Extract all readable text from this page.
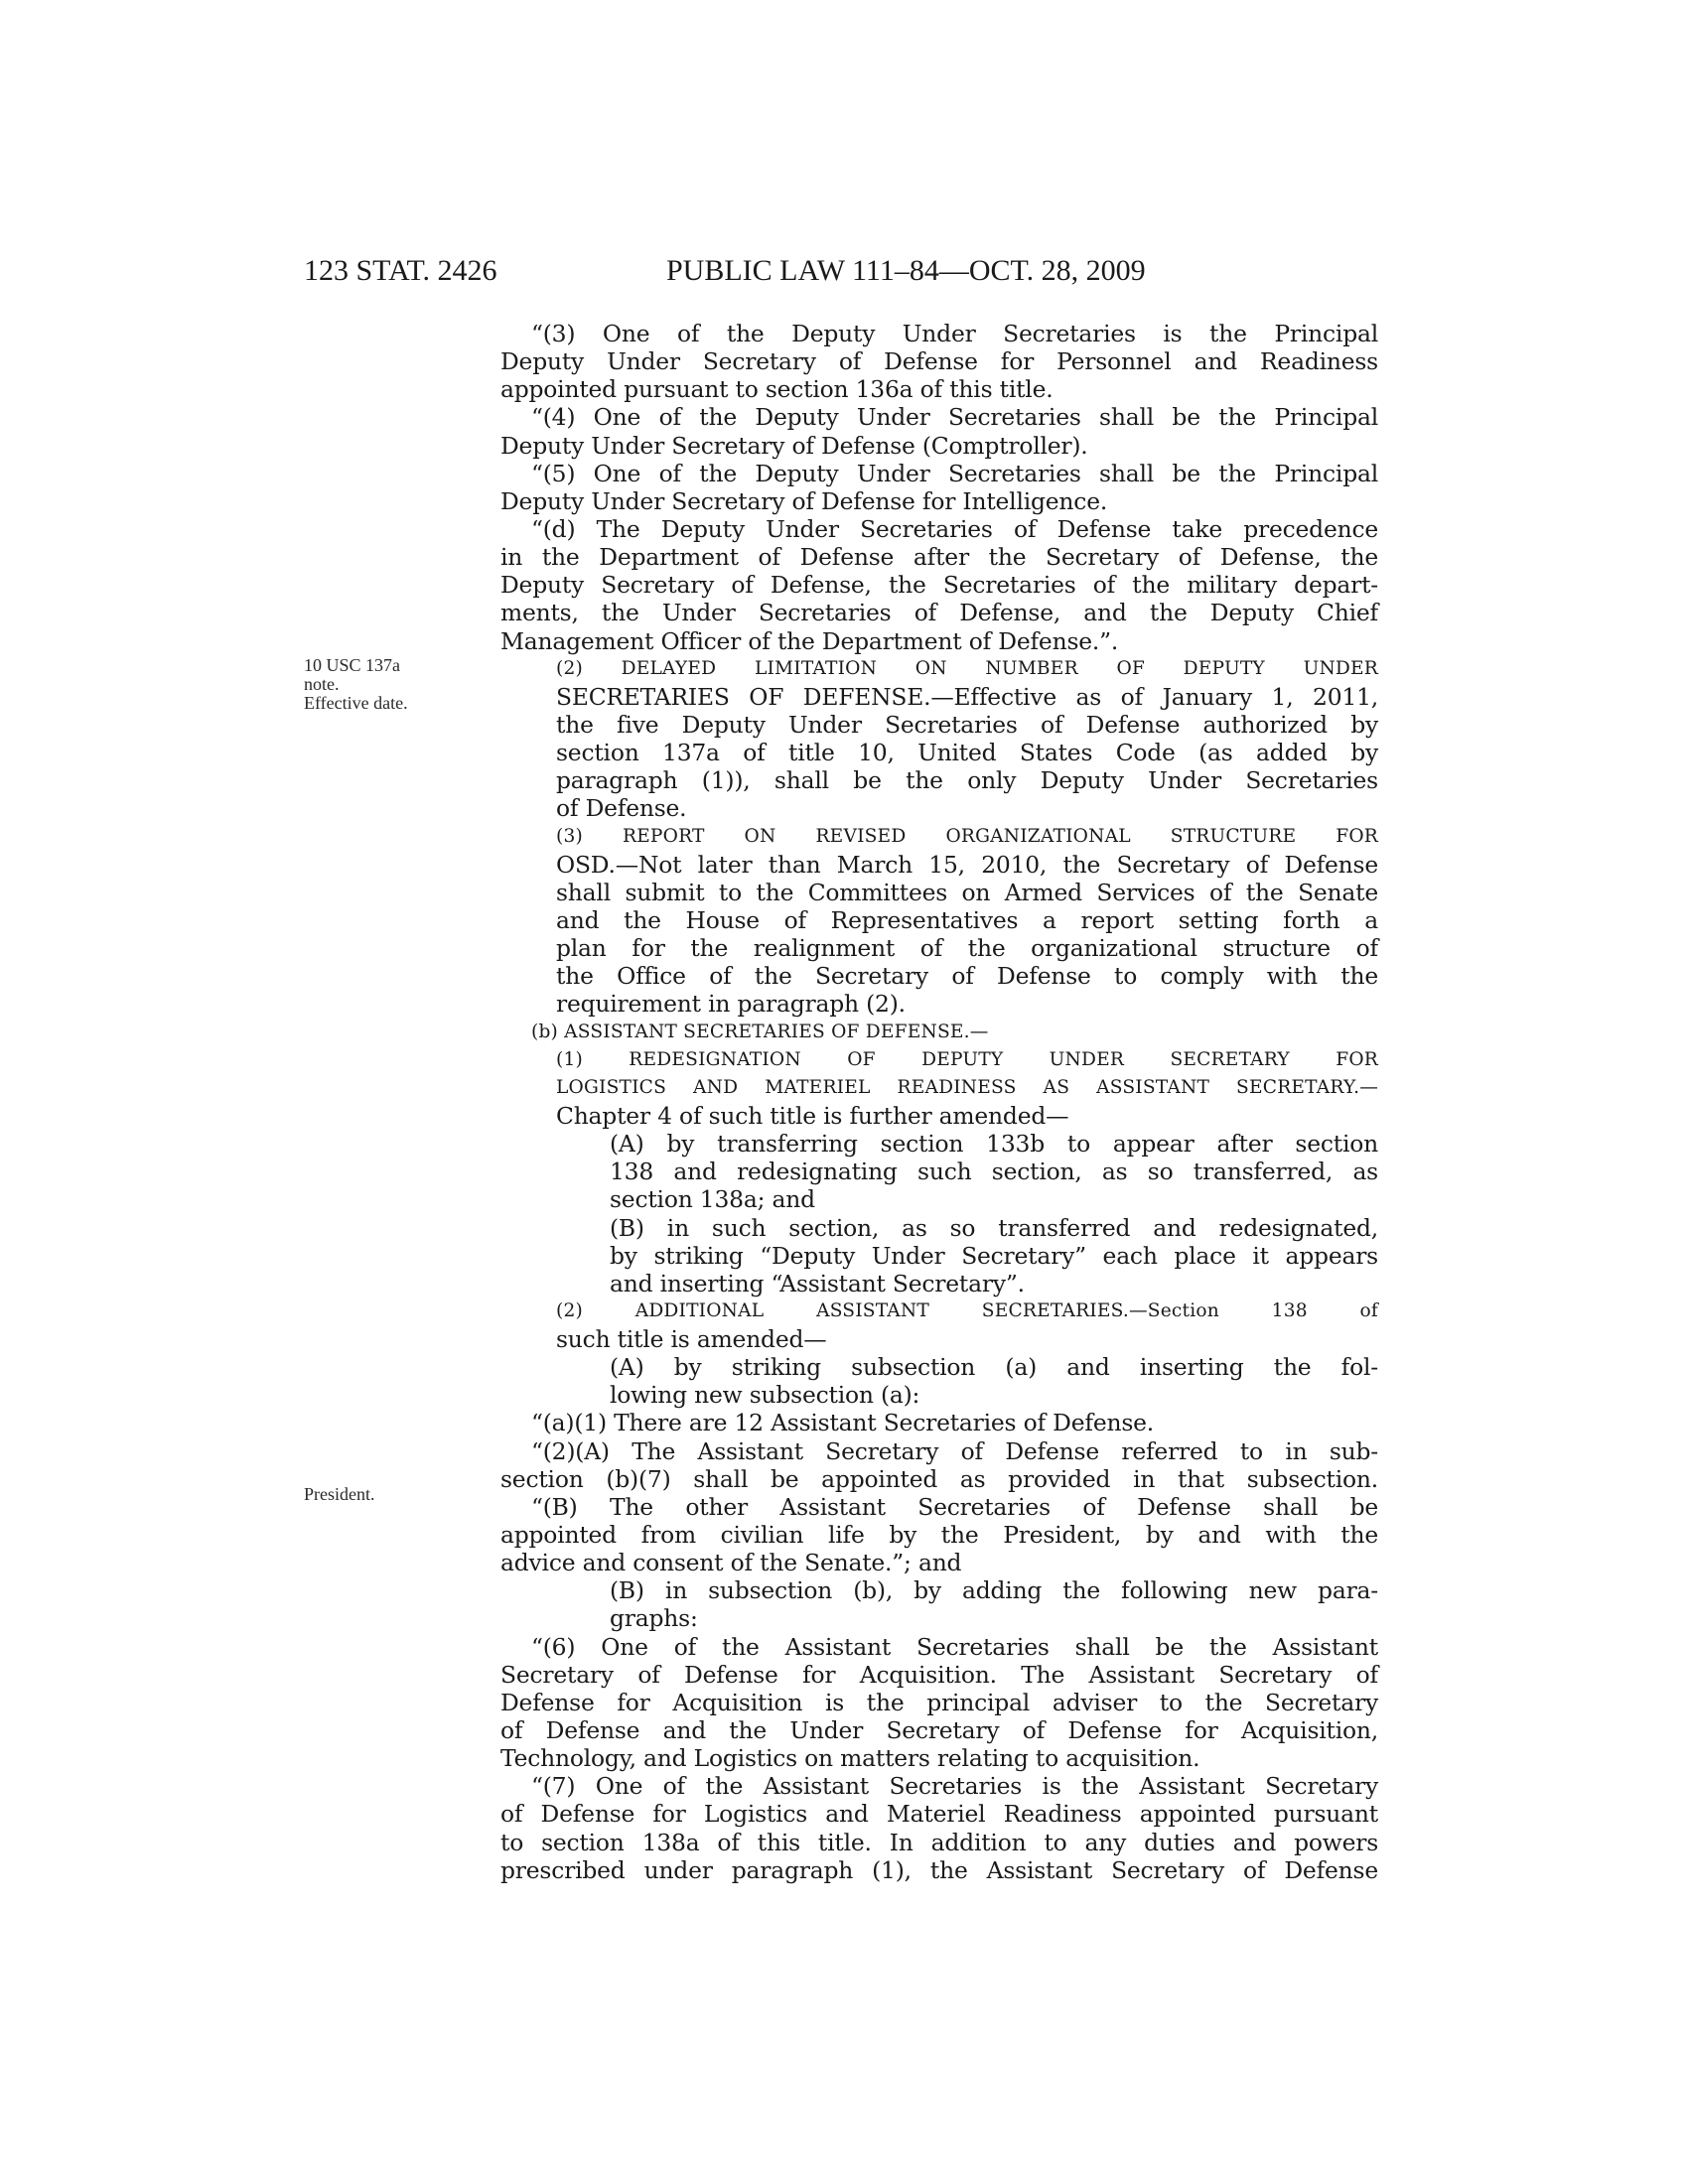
123 STAT. 2426	PUBLIC LAW 111–84—OCT. 28, 2009
10 USC 137a
note.
Effective date.
President.
“(3) One of the Deputy Under Secretaries is the Principal
Deputy Under Secretary of Defense for Personnel and Readiness
appointed pursuant to section 136a of this title.
“(4) One of the Deputy Under Secretaries shall be the Principal
Deputy Under Secretary of Defense (Comptroller).
“(5) One of the Deputy Under Secretaries shall be the Principal
Deputy Under Secretary of Defense for Intelligence.
“(d) The Deputy Under Secretaries of Defense take precedence
in the Department of Defense after the Secretary of Defense, the
Deputy Secretary of Defense, the Secretaries of the military depart-
ments, the Under Secretaries of Defense, and the Deputy Chief
Management Officer of the Department of Defense.”.
(2) DELAYED LIMITATION ON NUMBER OF DEPUTY UNDER
SECRETARIES OF DEFENSE.—Effective as of January 1, 2011,
the five Deputy Under Secretaries of Defense authorized by
section 137a of title 10, United States Code (as added by
paragraph (1)), shall be the only Deputy Under Secretaries
of Defense.
(3) REPORT ON REVISED ORGANIZATIONAL STRUCTURE FOR
OSD.—Not later than March 15, 2010, the Secretary of Defense
shall submit to the Committees on Armed Services of the Senate
and the House of Representatives a report setting forth a
plan for the realignment of the organizational structure of
the Office of the Secretary of Defense to comply with the
requirement in paragraph (2).
(b) ASSISTANT SECRETARIES OF DEFENSE.—
(1) REDESIGNATION OF DEPUTY UNDER SECRETARY FOR
LOGISTICS AND MATERIEL READINESS AS ASSISTANT SECRETARY.—
Chapter 4 of such title is further amended—
(A) by transferring section 133b to appear after section
138 and redesignating such section, as so transferred, as
section 138a; and
(B) in such section, as so transferred and redesignated,
by striking “Deputy Under Secretary” each place it appears
and inserting “Assistant Secretary”.
(2) ADDITIONAL ASSISTANT SECRETARIES.—Section 138 of
such title is amended—
(A) by striking subsection (a) and inserting the fol-
lowing new subsection (a):
“(a)(1) There are 12 Assistant Secretaries of Defense.
“(2)(A) The Assistant Secretary of Defense referred to in sub-
section (b)(7) shall be appointed as provided in that subsection.
“(B) The other Assistant Secretaries of Defense shall be
appointed from civilian life by the President, by and with the
advice and consent of the Senate.”; and
(B) in subsection (b), by adding the following new para-
graphs:
“(6) One of the Assistant Secretaries shall be the Assistant
Secretary of Defense for Acquisition. The Assistant Secretary of
Defense for Acquisition is the principal adviser to the Secretary
of Defense and the Under Secretary of Defense for Acquisition,
Technology, and Logistics on matters relating to acquisition.
“(7) One of the Assistant Secretaries is the Assistant Secretary
of Defense for Logistics and Materiel Readiness appointed pursuant
to section 138a of this title. In addition to any duties and powers
prescribed under paragraph (1), the Assistant Secretary of Defense
